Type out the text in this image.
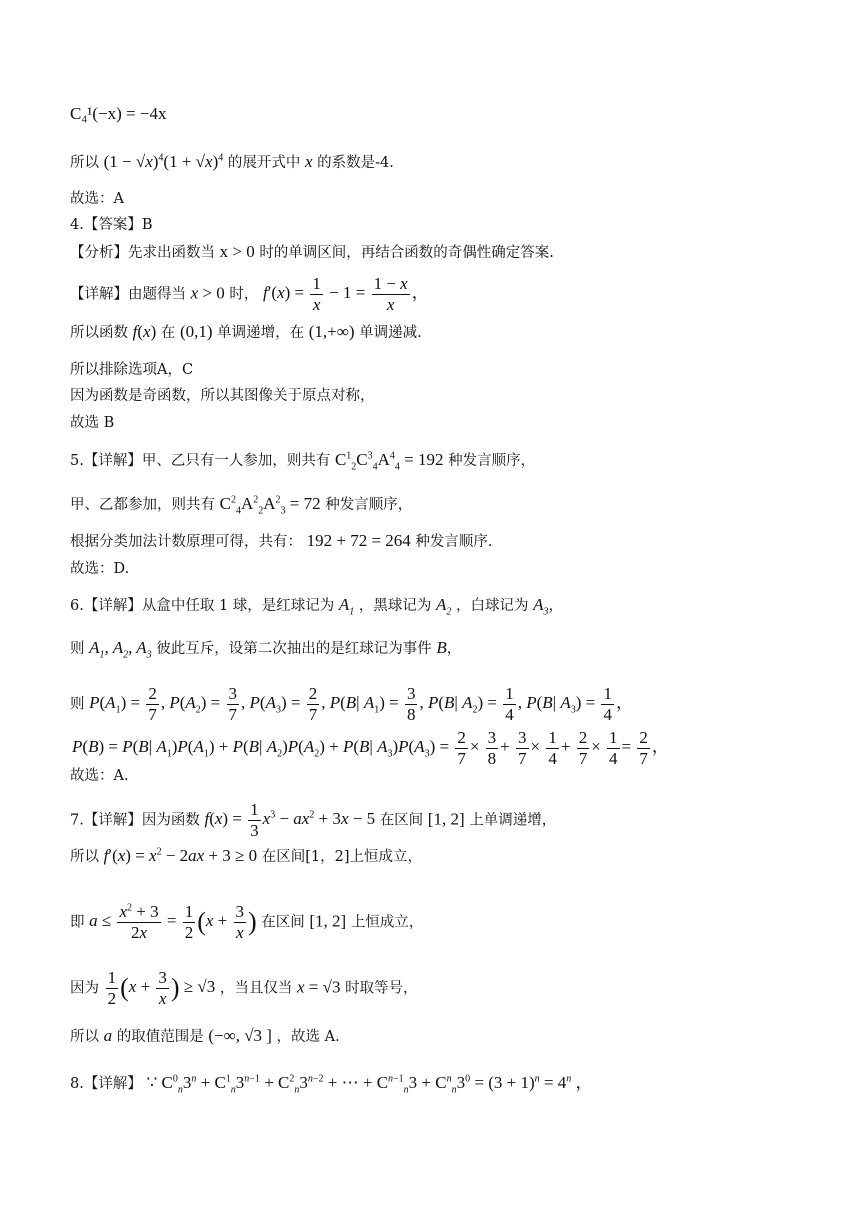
C₄¹(−x) = −4x
所以 $(1 - √x)^4(1 + √x)^4$ 的展开式中 x 的系数是-4.
故选：A
4.【答案】B
【分析】先求出函数当 x > 0 时的单调区间，再结合函数的奇偶性确定答案.
【详解】由题得当 x > 0 时， $f'(x) = \frac{1}{x} - 1 = \frac{1 - x}{x}$ ，
所以函数 f(x) 在 (0,1) 单调递增，在 (1,+∞) 单调递减.
所以排除选项A，C
因为函数是奇函数，所以其图像关于原点对称，
故选 B
5.【详解】甲、乙只有一人参加，则共有 $C^1_2C^3_4A^4_4 = 192$ 种发言顺序，
甲、乙都参加，则共有 $C^2_4A^2_2A^2_3 = 72$ 种发言顺序，
根据分类加法计数原理可得，共有： 192 + 72 = 264 种发言顺序.
故选：D.
6.【详解】从盒中任取 1 球，是红球记为 $A_1$ ，黑球记为 $A_2$ ，白球记为 $A_3$，
则 $A_1$, $A_2$, $A_3$ 彼此互斥，设第二次抽出的是红球记为事件 B，
则 $P(A_1) = \frac{2}{7}$ , $P(A_2) = \frac{3}{7}$ , $P(A_3) = \frac{2}{7}$ , P(B| $A_1) = \frac{3}{8}$ , P(B| $A_2) = \frac{1}{4}$ , P(B| $A_3) = \frac{1}{4}$ ，
P(B) = P(B| $A_1)P(A_1) + P(B|$ $A_2)P(A_2) + P(B|$ $A_3)P(A_3) = \frac{2}{7} \times \frac{3}{8} + \frac{3}{7} \times \frac{1}{4} + \frac{2}{7} \times \frac{1}{4} = \frac{2}{7}$ ，
故选：A.
7.【详解】因为函数 $f(x) = \frac{1}{3} x^3 - ax^2 + 3x - 5$ 在区间 [1, 2] 上单调递增，
所以 $f'(x) = x^2 - 2ax + 3 \ge 0$ 在区间[1，2]上恒成立，
即 $a \le \frac{x^2 + 3}{2x} = \frac{1}{2} (x + \frac{3}{x}$ ) 在区间 [1, 2] 上恒成立，
因为 $\frac{1}{2} (x + \frac{3}{x}$ ) ≥ √3 ，当且仅当 x = √3 时取等号，
所以 a 的取值范围是 (−∞, √3 ] ，故选 A.
8.【详解】 ∵ $C^0_n3^n + C^1_n3^{n-1} + C^2_n3^{n-2}$ + ⋯ + $C^{n-1}_n3 + C^n_n3^0 = (3 + 1)^n = 4^n$ ，
